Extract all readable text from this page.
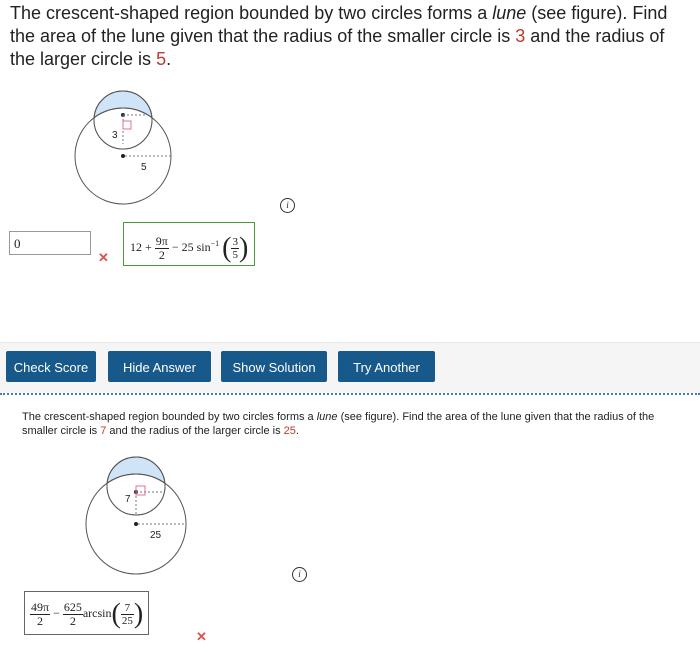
The crescent-shaped region bounded by two circles forms a lune (see figure). Find
the area of the lune given that the radius of the smaller circle is 3 and the radius of
the larger circle is 5.
3
5
i
0
✕
$12 + \frac{9\pi}{2} - 25$ $\sin^{-1}$ ( $\frac{3}{5}$ )
Check Score	Hide Answer	Show Solution	Try Another
The crescent-shaped region bounded by two circles forms a lune (see figure). Find the area of the lune given that the radius of the smaller circle is 7 and the radius of the larger circle is 25.
7
25
i
$\frac{49\pi}{2} - \frac{625}{2} \arcsin( \frac{7}{25}$ )
✕
